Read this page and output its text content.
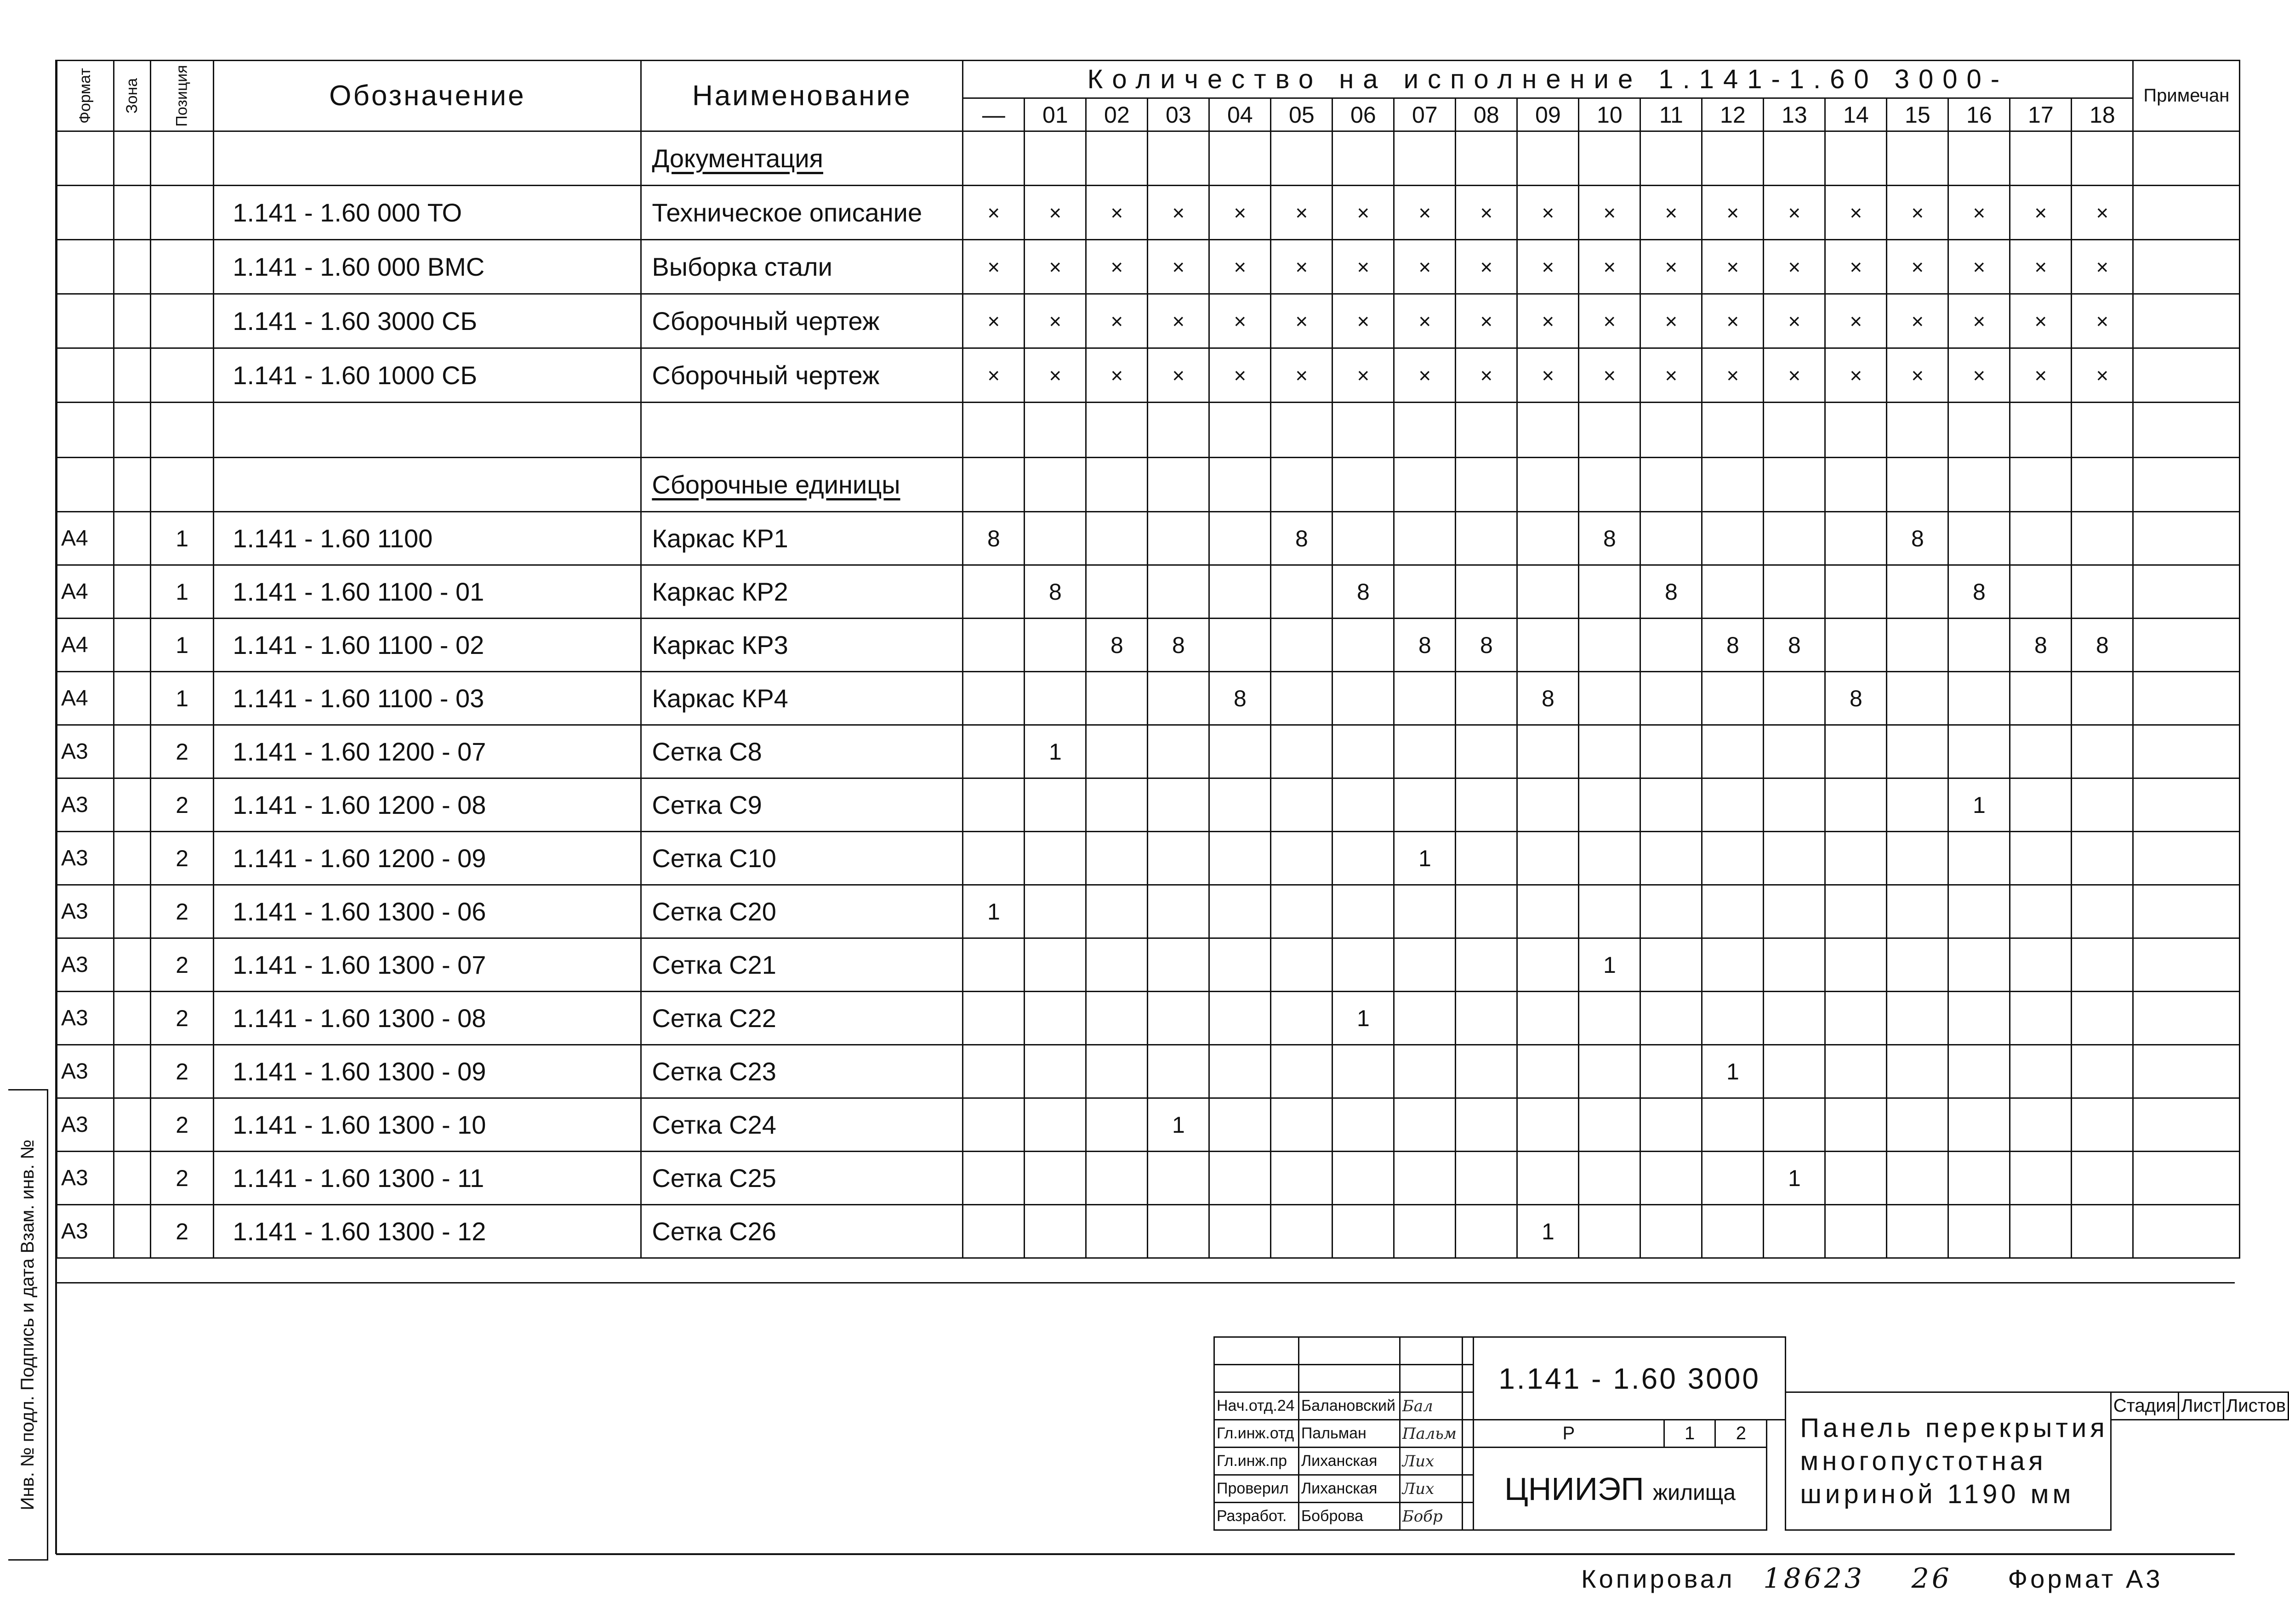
Формат	Зона	Позиция	Обозначение	Наименование	Количество на исполнение 1.141-1.60 3000-																			Примечан
					—	01	02	03	04	05	06	07	08	09	10	11	12	13	14	15	16	17	18	
				Документация																				
			1.141 - 1.60 000 ТО	Техническое описание	×	×	×	×	×	×	×	×	×	×	×	×	×	×	×	×	×	×	×	
			1.141 - 1.60 000 ВМС	Выборка стали	×	×	×	×	×	×	×	×	×	×	×	×	×	×	×	×	×	×	×	
			1.141 - 1.60 3000 СБ	Сборочный чертеж	×	×	×	×	×	×	×	×	×	×	×	×	×	×	×	×	×	×	×	
			1.141 - 1.60 1000 СБ	Сборочный чертеж	×	×	×	×	×	×	×	×	×	×	×	×	×	×	×	×	×	×	×	

				Сборочные единицы																				
А4		1	1.141 - 1.60 1100	Каркас КР1	8					8					8					8				
А4		1	1.141 - 1.60 1100 - 01	Каркас КР2		8					8					8					8			
А4		1	1.141 - 1.60 1100 - 02	Каркас КР3			8	8				8	8				8	8				8	8	
А4		1	1.141 - 1.60 1100 - 03	Каркас КР4					8					8					8					
А3		2	1.141 - 1.60 1200 - 07	Сетка С8		1																		
А3		2	1.141 - 1.60 1200 - 08	Сетка С9																	1			
А3		2	1.141 - 1.60 1200 - 09	Сетка С10								1												
А3		2	1.141 - 1.60 1300 - 06	Сетка С20	1																			
А3		2	1.141 - 1.60 1300 - 07	Сетка С21											1									
А3		2	1.141 - 1.60 1300 - 08	Сетка С22							1													
А3		2	1.141 - 1.60 1300 - 09	Сетка С23													1							
А3		2	1.141 - 1.60 1300 - 10	Сетка С24				1																
А3		2	1.141 - 1.60 1300 - 11	Сетка С25														1						
А3		2	1.141 - 1.60 1300 - 12	Сетка С26										1										
				1.141 - 1.60 3000						

Нач.отд.24	Балановский	Бал					Панель перекрытия
многопустотная
шириной 1190 мм	Стадия	Лист	Листов
Гл.инж.отд	Пальман	Пальм		Р	1	2				
Гл.инж.пр	Лиханская	Лих		ЦНИИЭП жилища						
Проверил	Лиханская	Лих								
Разработ.	Боброва	Бобр								
Инв. № подл. Подпись и дата Взам. инв. №
Копировал 18623 26 Формат А3
